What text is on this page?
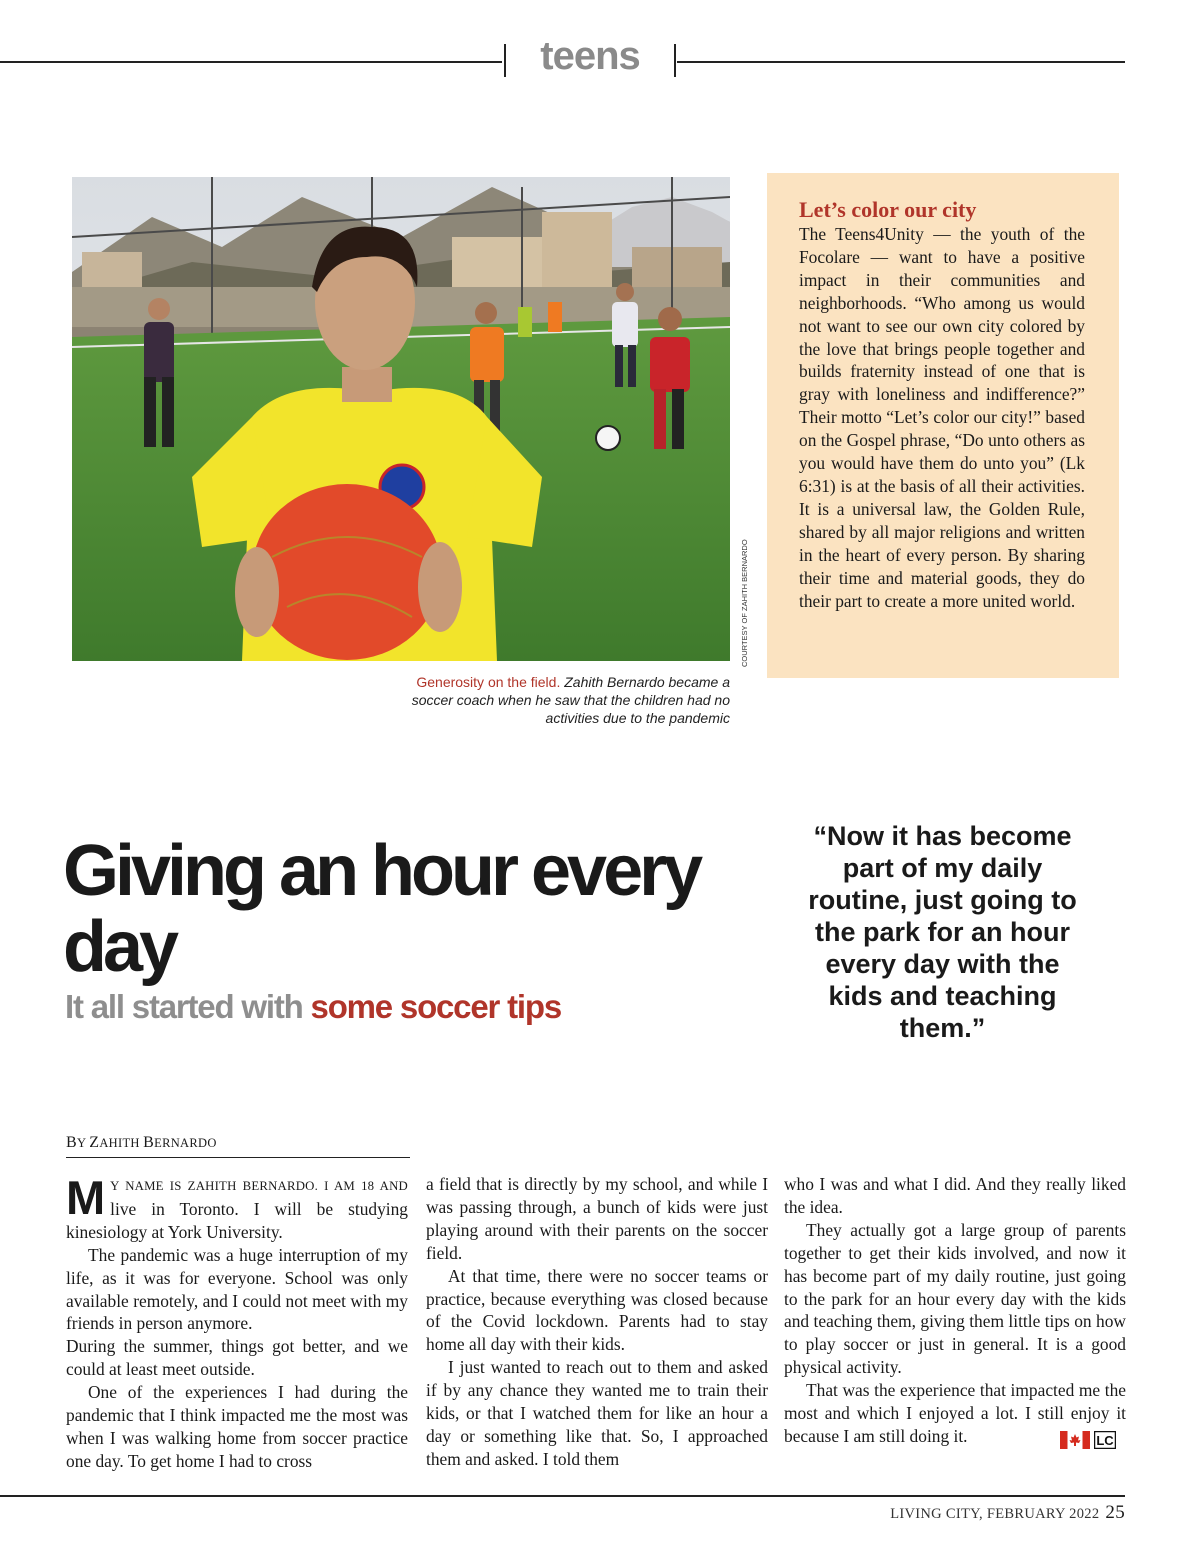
teens
COURTESY OF ZAHITH BERNARDO
Generosity on the field. Zahith Bernardo became a soccer coach when he saw that the children had no activities due to the pandemic
Let’s color our city
The Teens4Unity — the youth of the Focolare — want to have a positive impact in their communities and neighborhoods. “Who among us would not want to see our own city colored by the love that brings people together and builds fraternity instead of one that is gray with loneliness and indifference?” Their motto “Let’s color our city!” based on the Gospel phrase, “Do unto others as you would have them do unto you” (Lk 6:31) is at the basis of all their activities. It is a universal law, the Golden Rule, shared by all major religions and written in the heart of every person. By sharing their time and material goods, they do their part to create a more united world.
Giving an hour every day
It all started with some soccer tips
“Now it has become part of my daily routine, just going to the park for an hour every day with the kids and teaching them.”
BY ZAHITH BERNARDO

M Y NAME IS ZAHITH BERNARDO. I AM 18 AND live in Toronto. I will be studying kinesiology at York University.

The pandemic was a huge interruption of my life, as it was for everyone. School was only available remotely, and I could not meet with my friends in person anymore.

During the summer, things got better, and we could at least meet outside.

One of the experiences I had during the pandemic that I think impacted me the most was when I was walking home from soccer practice one day. To get home I had to cross

a field that is directly by my school, and while I was passing through, a bunch of kids were just playing around with their parents on the soccer field.

At that time, there were no soccer teams or practice, because everything was closed because of the Covid lockdown. Parents had to stay home all day with their kids.

I just wanted to reach out to them and asked if by any chance they wanted me to train their kids, or that I watched them for like an hour a day or something like that. So, I approached them and asked. I told them

who I was and what I did. And they really liked the idea.

They actually got a large group of parents together to get their kids involved, and now it has become part of my daily routine, just going to the park for an hour every day with the kids and teaching them, giving them little tips on how to play soccer or just in general. It is a good physical activity.

That was the experience that impacted me the most and which I enjoyed a lot. I still enjoy it because I am still doing it.	LC

LIVING CITY, FEBRUARY 2022 25
